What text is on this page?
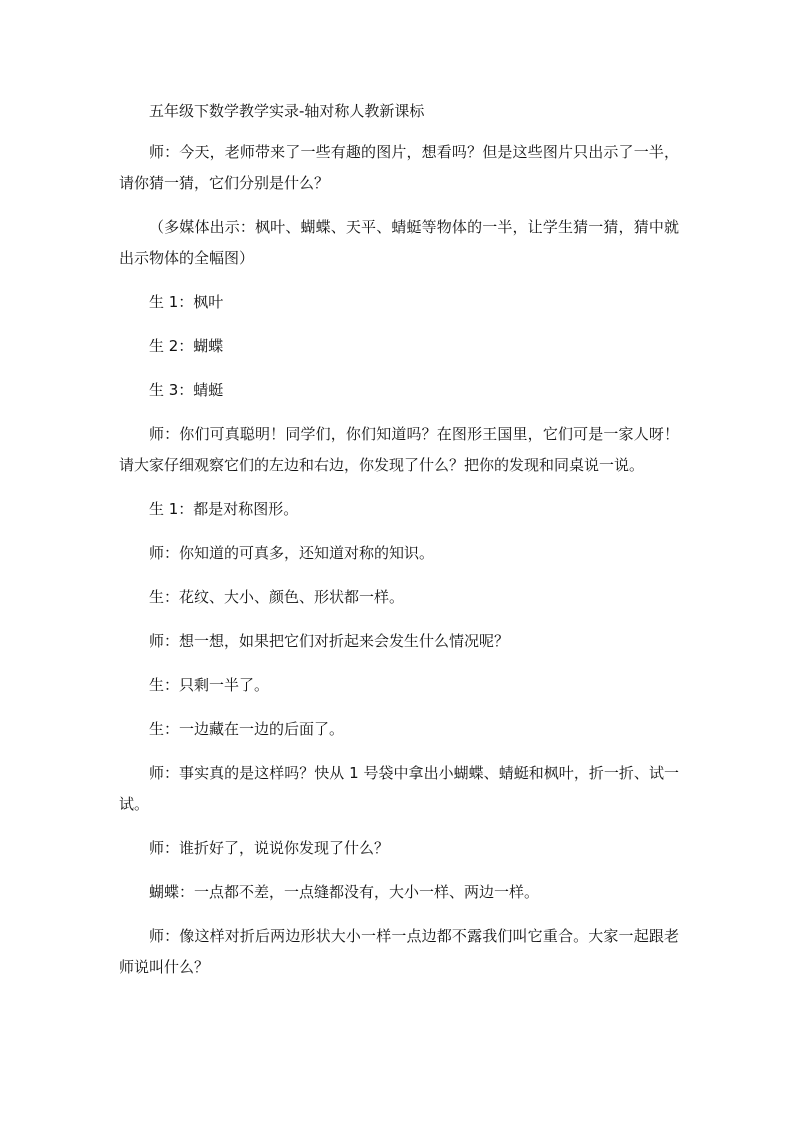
五年级下数学教学实录-轴对称人教新课标

师：今天，老师带来了一些有趣的图片，想看吗？但是这些图片只出示了一半，请你猜一猜，它们分别是什么？

（多媒体出示：枫叶、蝴蝶、天平、蜻蜓等物体的一半，让学生猜一猜，猜中就出示物体的全幅图）

生 1：枫叶

生 2：蝴蝶

生 3：蜻蜓

师：你们可真聪明！同学们，你们知道吗？在图形王国里，它们可是一家人呀！请大家仔细观察它们的左边和右边，你发现了什么？把你的发现和同桌说一说。

生 1：都是对称图形。

师：你知道的可真多，还知道对称的知识。

生：花纹、大小、颜色、形状都一样。

师：想一想，如果把它们对折起来会发生什么情况呢？

生：只剩一半了。

生：一边藏在一边的后面了。

师：事实真的是这样吗？快从 1 号袋中拿出小蝴蝶、蜻蜓和枫叶，折一折、试一试。

师：谁折好了，说说你发现了什么？

蝴蝶：一点都不差，一点缝都没有，大小一样、两边一样。

师：像这样对折后两边形状大小一样一点边都不露我们叫它重合。大家一起跟老师说叫什么？
